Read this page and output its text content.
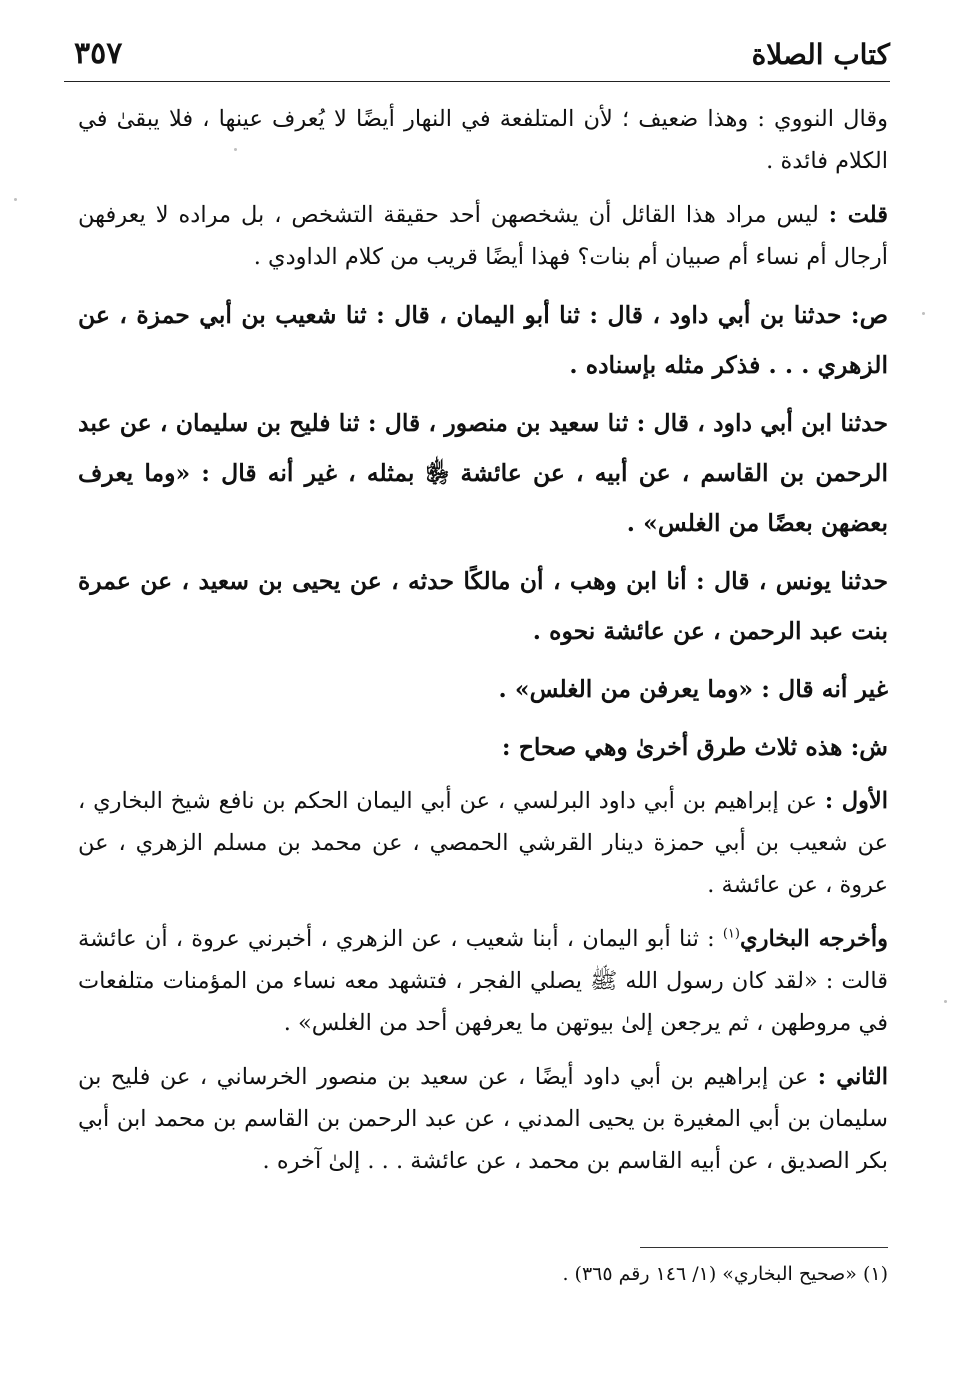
كتاب الصلاة
٣٥٧

وقال النووي : وهذا ضعيف ؛ لأن المتلفعة في النهار أيضًا لا يُعرف عينها ، فلا يبقىٰ في الكلام فائدة .

قلت : ليس مراد هذا القائل أن يشخصهن أحد حقيقة التشخص ، بل مراده لا يعرفهن أرجال أم نساء أم صبيان أم بنات؟ فهذا أيضًا قريب من كلام الداودي .

ص: حدثنا بن أبي داود ، قال : ثنا أبو اليمان ، قال : ثنا شعيب بن أبي حمزة ، عن الزهري . . . فذكر مثله بإسناده .

حدثنا ابن أبي داود ، قال : ثنا سعيد بن منصور ، قال : ثنا فليح بن سليمان ، عن عبد الرحمن بن القاسم ، عن أبيه ، عن عائشة ﵂ بمثله ، غير أنه قال : «وما يعرف بعضهن بعضًا من الغلس» .

حدثنا يونس ، قال : أنا ابن وهب ، أن مالكًا حدثه ، عن يحيى بن سعيد ، عن عمرة بنت عبد الرحمن ، عن عائشة نحوه .

غير أنه قال : «وما يعرفن من الغلس» .

ش: هذه ثلاث طرق أخرىٰ وهي صحاح :

الأول : عن إبراهيم بن أبي داود البرلسي ، عن أبي اليمان الحكم بن نافع شيخ البخاري ، عن شعيب بن أبي حمزة دينار القرشي الحمصي ، عن محمد بن مسلم الزهري ، عن عروة ، عن عائشة .

وأخرجه البخاري$^{(١)}$ : ثنا أبو اليمان ، أبنا شعيب ، عن الزهري ، أخبرني عروة ، أن عائشة قالت : «لقد كان رسول الله ﷺ يصلي الفجر ، فتشهد معه نساء من المؤمنات متلفعات في مروطهن ، ثم يرجعن إلىٰ بيوتهن ما يعرفهن أحد من الغلس» .

الثاني : عن إبراهيم بن أبي داود أيضًا ، عن سعيد بن منصور الخرساني ، عن فليح بن سليمان بن أبي المغيرة بن يحيى المدني ، عن عبد الرحمن بن القاسم بن محمد ابن أبي بكر الصديق ، عن أبيه القاسم بن محمد ، عن عائشة . . . إلىٰ آخره .

(١) «صحيح البخاري» (١/ ١٤٦ رقم ٣٦٥) .
